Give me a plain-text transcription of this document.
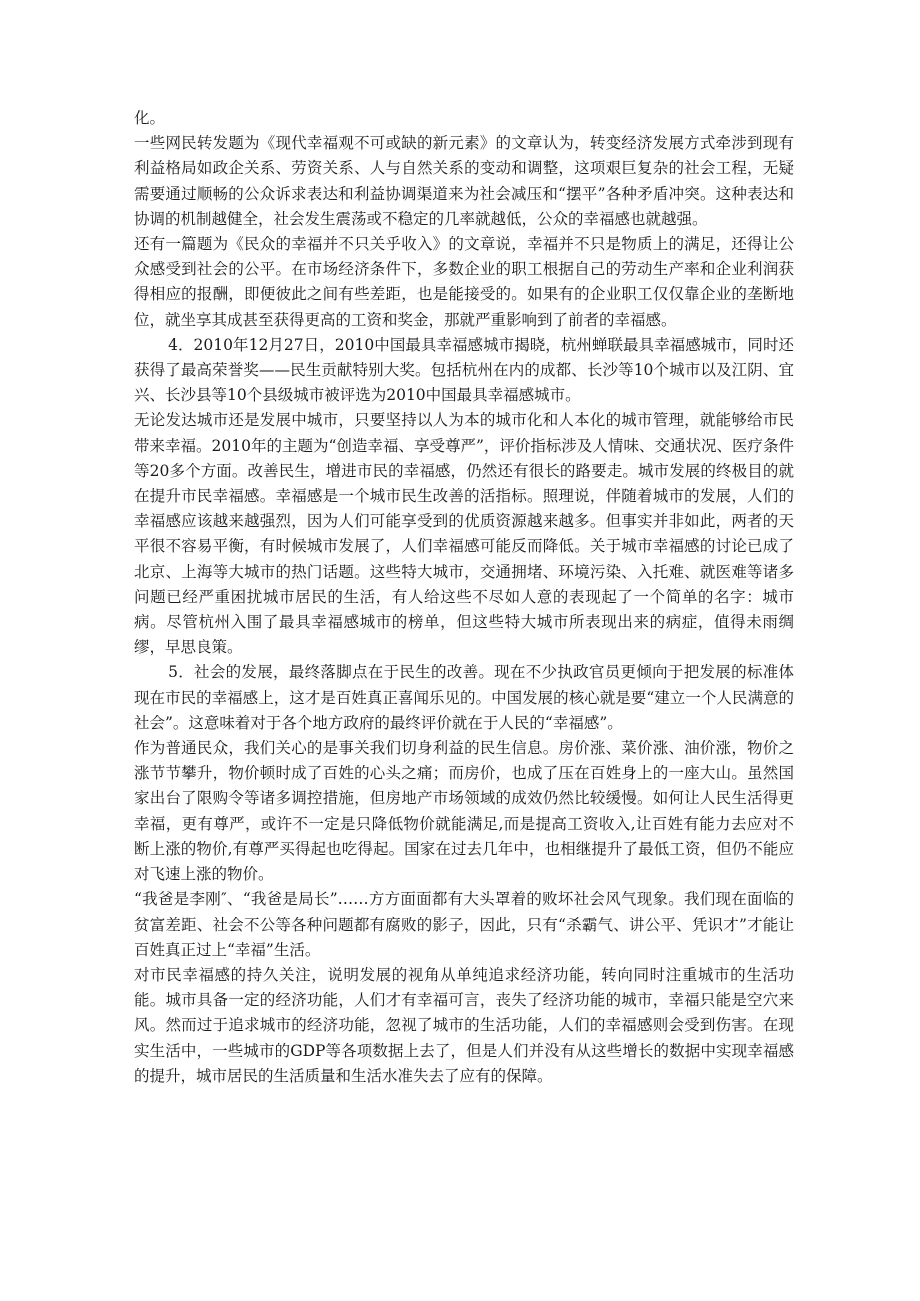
化。

一些网民转发题为《现代幸福观不可或缺的新元素》的文章认为，转变经济发展方式牵涉到现有利益格局如政企关系、劳资关系、人与自然关系的变动和调整，这项艰巨复杂的社会工程，无疑需要通过顺畅的公众诉求表达和利益协调渠道来为社会减压和“摆平”各种矛盾冲突。这种表达和协调的机制越健全，社会发生震荡或不稳定的几率就越低，公众的幸福感也就越强。

还有一篇题为《民众的幸福并不只关乎收入》的文章说，幸福并不只是物质上的满足，还得让公众感受到社会的公平。在市场经济条件下，多数企业的职工根据自己的劳动生产率和企业利润获得相应的报酬，即便彼此之间有些差距，也是能接受的。如果有的企业职工仅仅靠企业的垄断地位，就坐享其成甚至获得更高的工资和奖金，那就严重影响到了前者的幸福感。

4．2010年12月27日，2010中国最具幸福感城市揭晓，杭州蝉联最具幸福感城市，同时还获得了最高荣誉奖——民生贡献特别大奖。包括杭州在内的成都、长沙等10个城市以及江阴、宜兴、长沙县等10个县级城市被评选为2010中国最具幸福感城市。

无论发达城市还是发展中城市，只要坚持以人为本的城市化和人本化的城市管理，就能够给市民带来幸福。2010年的主题为“创造幸福、享受尊严”，评价指标涉及人情味、交通状况、医疗条件等20多个方面。改善民生，增进市民的幸福感，仍然还有很长的路要走。城市发展的终极目的就在提升市民幸福感。幸福感是一个城市民生改善的活指标。照理说，伴随着城市的发展，人们的幸福感应该越来越强烈，因为人们可能享受到的优质资源越来越多。但事实并非如此，两者的天平很不容易平衡，有时候城市发展了，人们幸福感可能反而降低。关于城市幸福感的讨论已成了北京、上海等大城市的热门话题。这些特大城市，交通拥堵、环境污染、入托难、就医难等诸多问题已经严重困扰城市居民的生活，有人给这些不尽如人意的表现起了一个简单的名字：城市病。尽管杭州入围了最具幸福感城市的榜单，但这些特大城市所表现出来的病症，值得未雨绸缪，早思良策。

5．社会的发展，最终落脚点在于民生的改善。现在不少执政官员更倾向于把发展的标准体现在市民的幸福感上，这才是百姓真正喜闻乐见的。中国发展的核心就是要“建立一个人民满意的社会”。这意味着对于各个地方政府的最终评价就在于人民的“幸福感”。

作为普通民众，我们关心的是事关我们切身利益的民生信息。房价涨、菜价涨、油价涨，物价之涨节节攀升，物价顿时成了百姓的心头之痛；而房价，也成了压在百姓身上的一座大山。虽然国家出台了限购令等诸多调控措施，但房地产市场领域的成效仍然比较缓慢。如何让人民生活得更幸福，更有尊严，或许不一定是只降低物价就能满足,而是提高工资收入,让百姓有能力去应对不断上涨的物价,有尊严买得起也吃得起。国家在过去几年中，也相继提升了最低工资，但仍不能应对飞速上涨的物价。

“我爸是李刚″、“我爸是局长”……方方面面都有大头罩着的败坏社会风气现象。我们现在面临的贫富差距、社会不公等各种问题都有腐败的影子，因此，只有“杀霸气、讲公平、凭识才”才能让百姓真正过上“幸福”生活。

对市民幸福感的持久关注，说明发展的视角从单纯追求经济功能，转向同时注重城市的生活功能。城市具备一定的经济功能，人们才有幸福可言，丧失了经济功能的城市，幸福只能是空穴来风。然而过于追求城市的经济功能，忽视了城市的生活功能，人们的幸福感则会受到伤害。在现实生活中，一些城市的GDP等各项数据上去了，但是人们并没有从这些增长的数据中实现幸福感的提升，城市居民的生活质量和生活水准失去了应有的保障。
